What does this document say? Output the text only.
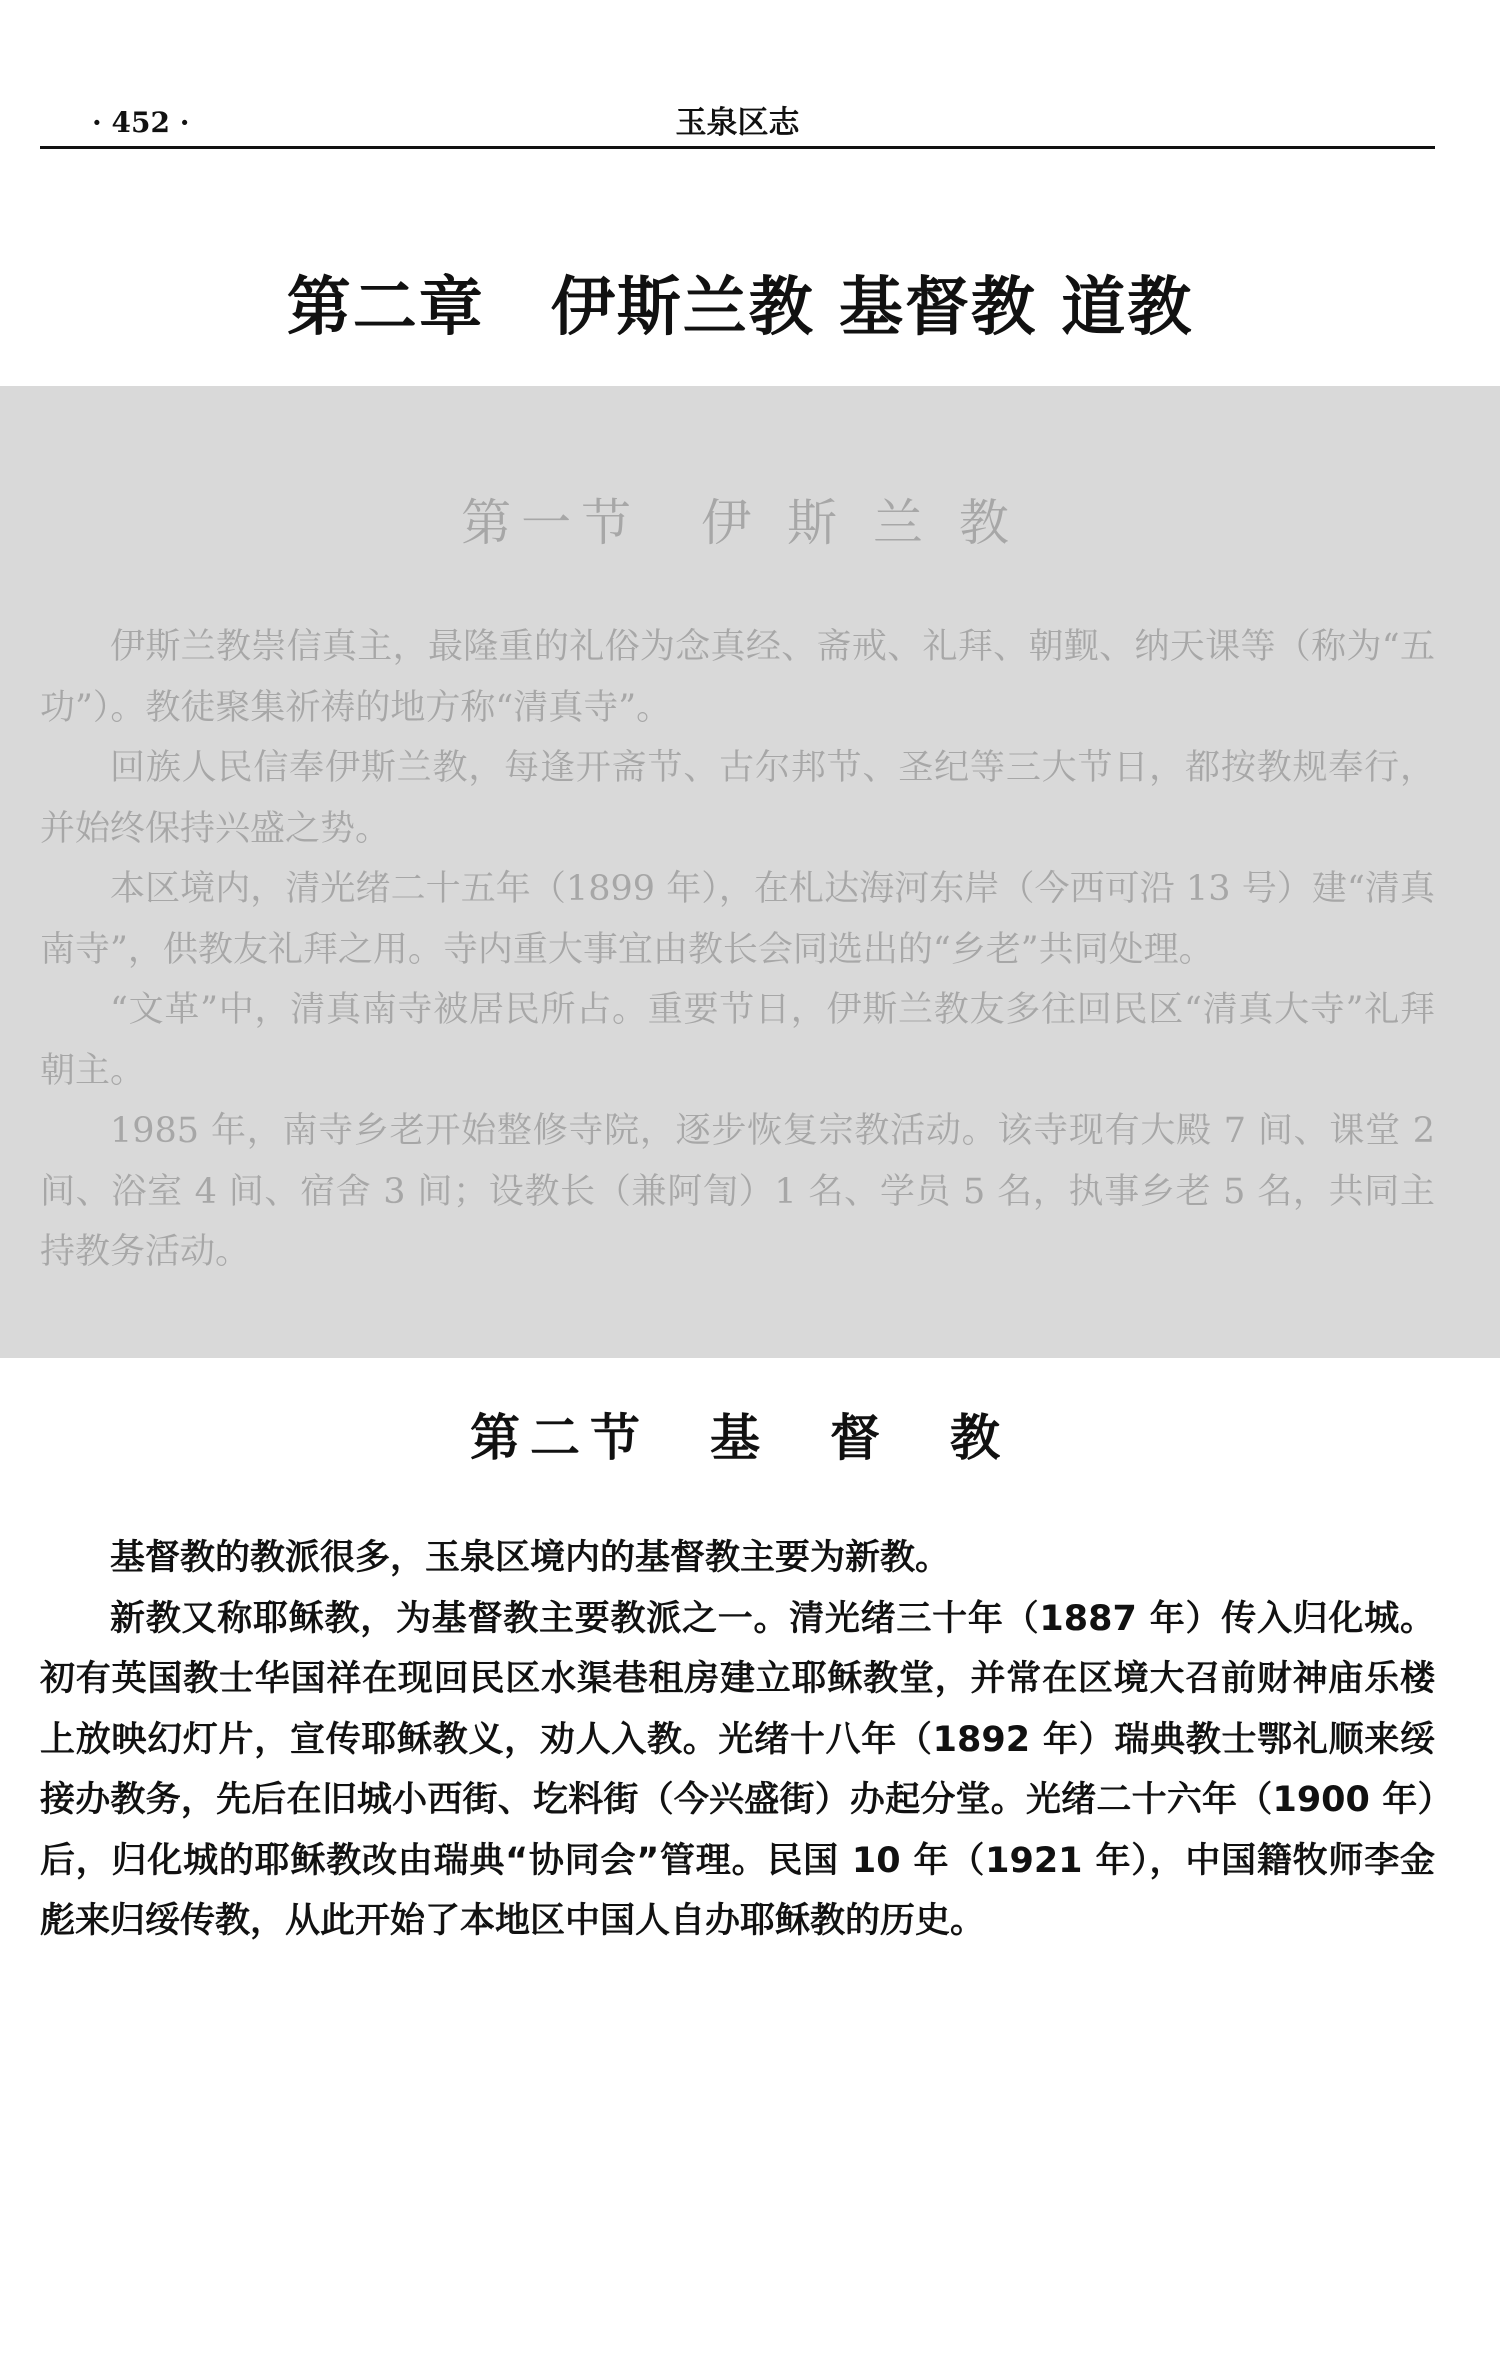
· 452 ·	玉泉区志
第二章　伊斯兰教 基督教 道教
第一节　伊 斯 兰 教

伊斯兰教崇信真主，最隆重的礼俗为念真经、斋戒、礼拜、朝觐、纳天课等（称为“五功”）。教徒聚集祈祷的地方称“清真寺”。

回族人民信奉伊斯兰教，每逢开斋节、古尔邦节、圣纪等三大节日，都按教规奉行，并始终保持兴盛之势。

本区境内，清光绪二十五年（1899 年），在札达海河东岸（今西可沿 13 号）建“清真南寺”，供教友礼拜之用。寺内重大事宜由教长会同选出的“乡老”共同处理。

“文革”中，清真南寺被居民所占。重要节日，伊斯兰教友多往回民区“清真大寺”礼拜朝主。

1985 年，南寺乡老开始整修寺院，逐步恢复宗教活动。该寺现有大殿 7 间、课堂 2 间、浴室 4 间、宿舍 3 间；设教长（兼阿訇）1 名、学员 5 名，执事乡老 5 名，共同主持教务活动。

第二节　基　督　教

基督教的教派很多，玉泉区境内的基督教主要为新教。

新教又称耶稣教，为基督教主要教派之一。清光绪三十年（1887 年）传入归化城。初有英国教士华国祥在现回民区水渠巷租房建立耶稣教堂，并常在区境大召前财神庙乐楼上放映幻灯片，宣传耶稣教义，劝人入教。光绪十八年（1892 年）瑞典教士鄂礼顺来绥接办教务，先后在旧城小西街、圪料街（今兴盛街）办起分堂。光绪二十六年（1900 年）后，归化城的耶稣教改由瑞典“协同会”管理。民国 10 年（1921 年），中国籍牧师李金彪来归绥传教，从此开始了本地区中国人自办耶稣教的历史。
